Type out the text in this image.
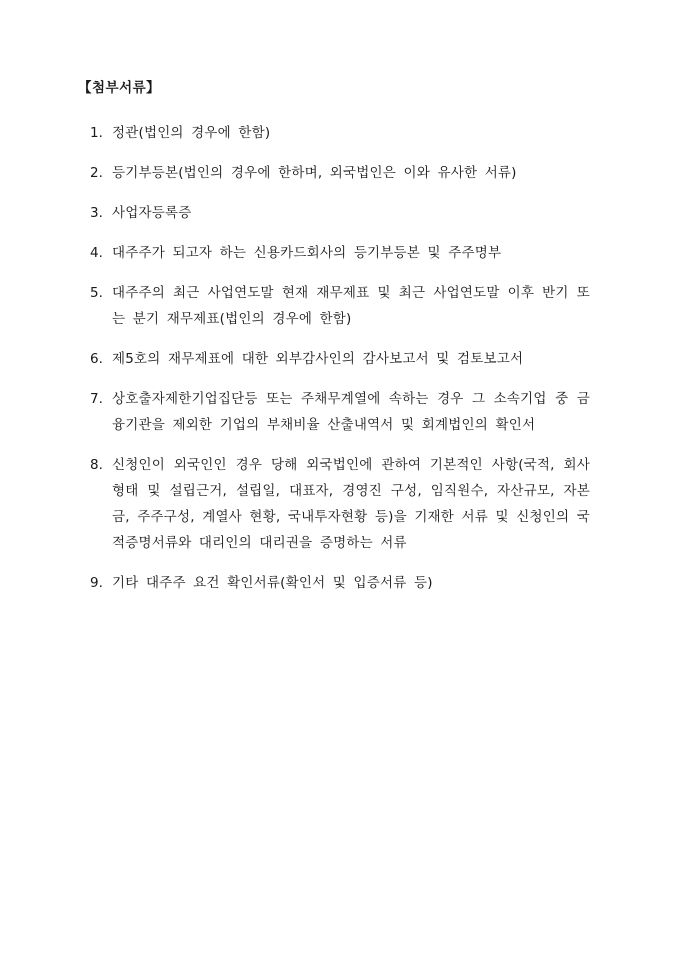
【첨부서류】
1. 정관(법인의 경우에 한함)
2. 등기부등본(법인의 경우에 한하며, 외국법인은 이와 유사한 서류)
3. 사업자등록증
4. 대주주가 되고자 하는 신용카드회사의 등기부등본 및 주주명부
5. 대주주의 최근 사업연도말 현재 재무제표 및 최근 사업연도말 이후 반기 또는 분기 재무제표(법인의 경우에 한함)
6. 제5호의 재무제표에 대한 외부감사인의 감사보고서 및 검토보고서
7. 상호출자제한기업집단등 또는 주채무계열에 속하는 경우 그 소속기업 중 금융기관을 제외한 기업의 부채비율 산출내역서 및 회계법인의 확인서
8. 신청인이 외국인인 경우 당해 외국법인에 관하여 기본적인 사항(국적, 회사형태 및 설립근거, 설립일, 대표자, 경영진 구성, 임직원수, 자산규모, 자본금, 주주구성, 계열사 현황, 국내투자현황 등)을 기재한 서류 및 신청인의 국적증명서류와 대리인의 대리권을 증명하는 서류
9. 기타 대주주 요건 확인서류(확인서 및 입증서류 등)
